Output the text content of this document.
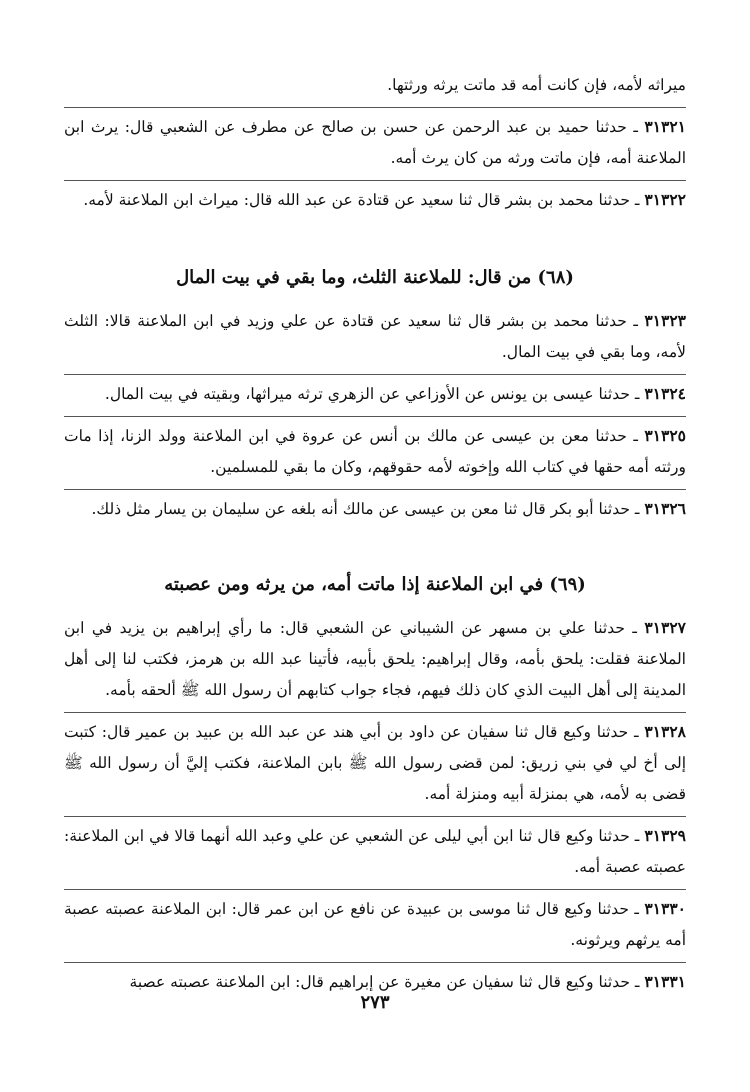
ميراثه لأمه، فإن كانت أمه قد ماتت يرثه ورثتها.

٣١٣٢١ ـ حدثنا حميد بن عبد الرحمن عن حسن بن صالح عن مطرف عن الشعبي قال: يرث ابن الملاعنة أمه، فإن ماتت ورثه من كان يرث أمه.

٣١٣٢٢ ـ حدثنا محمد بن بشر قال ثنا سعيد عن قتادة عن عبد الله قال: ميراث ابن الملاعنة لأمه.

(٦٨) من قال: للملاعنة الثلث، وما بقي في بيت المال

٣١٣٢٣ ـ حدثنا محمد بن بشر قال ثنا سعيد عن قتادة عن علي وزيد في ابن الملاعنة قالا: الثلث لأمه، وما بقي في بيت المال.

٣١٣٢٤ ـ حدثنا عيسى بن يونس عن الأوزاعي عن الزهري ترثه ميراثها، وبقيته في بيت المال.

٣١٣٢٥ ـ حدثنا معن بن عيسى عن مالك بن أنس عن عروة في ابن الملاعنة وولد الزنا، إذا مات ورثته أمه حقها في كتاب الله وإخوته لأمه حقوقهم، وكان ما بقي للمسلمين.

٣١٣٢٦ ـ حدثنا أبو بكر قال ثنا معن بن عيسى عن مالك أنه بلغه عن سليمان بن يسار مثل ذلك.

(٦٩) في ابن الملاعنة إذا ماتت أمه، من يرثه ومن عصبته

٣١٣٢٧ ـ حدثنا علي بن مسهر عن الشيباني عن الشعبي قال: ما رأي إبراهيم بن يزيد في ابن الملاعنة فقلت: يلحق بأمه، وقال إبراهيم: يلحق بأبيه، فأتينا عبد الله بن هرمز، فكتب لنا إلى أهل المدينة إلى أهل البيت الذي كان ذلك فيهم، فجاء جواب كتابهم أن رسول الله ﷺ ألحقه بأمه.

٣١٣٢٨ ـ حدثنا وكيع قال ثنا سفيان عن داود بن أبي هند عن عبد الله بن عبيد بن عمير قال: كتبت إلى أخ لي في بني زريق: لمن قضى رسول الله ﷺ بابن الملاعنة، فكتب إليَّ أن رسول الله ﷺ قضى به لأمه، هي بمنزلة أبيه ومنزلة أمه.

٣١٣٢٩ ـ حدثنا وكيع قال ثنا ابن أبي ليلى عن الشعبي عن علي وعبد الله أنهما قالا في ابن الملاعنة: عصبته عصبة أمه.

٣١٣٣٠ ـ حدثنا وكيع قال ثنا موسى بن عبيدة عن نافع عن ابن عمر قال: ابن الملاعنة عصبته عصبة أمه يرثهم ويرثونه.

٣١٣٣١ ـ حدثنا وكيع قال ثنا سفيان عن مغيرة عن إبراهيم قال: ابن الملاعنة عصبته عصبة

٢٧٣
